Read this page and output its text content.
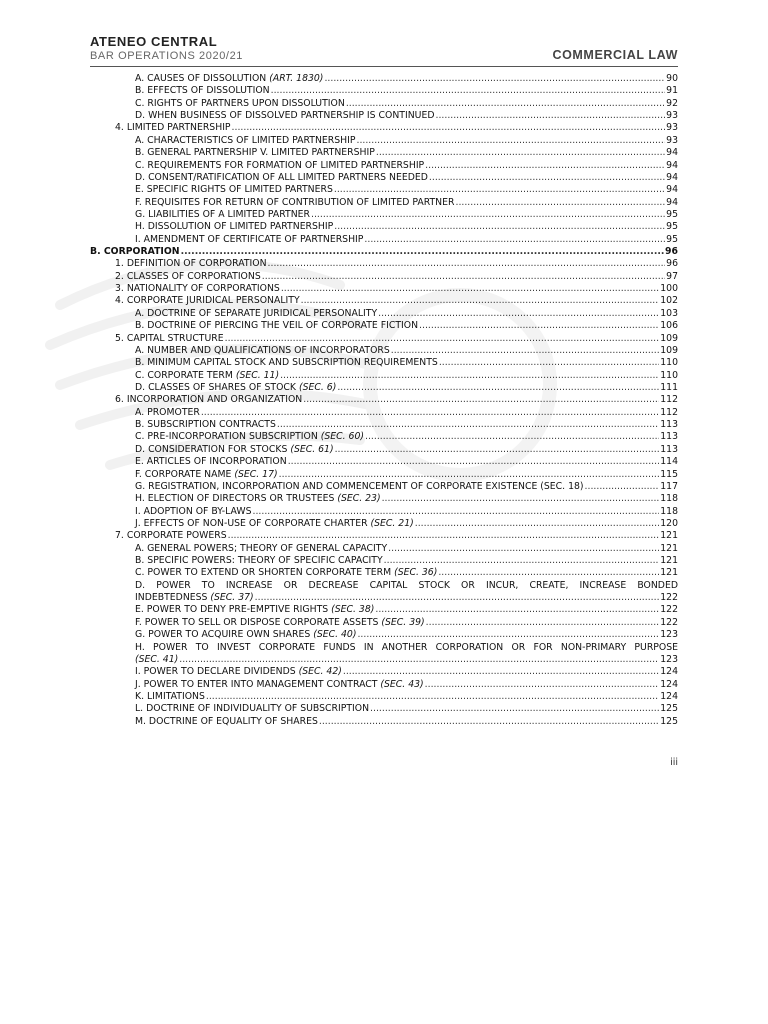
ATENEO CENTRAL
BAR OPERATIONS 2020/21	COMMERCIAL LAW
A. CAUSES OF DISSOLUTION (ART. 1830) .....	90
B. EFFECTS OF DISSOLUTION .....	91
C. RIGHTS OF PARTNERS UPON DISSOLUTION .....	92
D. WHEN BUSINESS OF DISSOLVED PARTNERSHIP IS CONTINUED .....	93
4. LIMITED PARTNERSHIP .....	93
A. CHARACTERISTICS OF LIMITED PARTNERSHIP .....	93
B. GENERAL PARTNERSHIP V. LIMITED PARTNERSHIP .....	94
C. REQUIREMENTS FOR FORMATION OF LIMITED PARTNERSHIP .....	94
D. CONSENT/RATIFICATION OF ALL LIMITED PARTNERS NEEDED .....	94
E. SPECIFIC RIGHTS OF LIMITED PARTNERS .....	94
F. REQUISITES FOR RETURN OF CONTRIBUTION OF LIMITED PARTNER .....	94
G. LIABILITIES OF A LIMITED PARTNER .....	95
H. DISSOLUTION OF LIMITED PARTNERSHIP .....	95
I. AMENDMENT OF CERTIFICATE OF PARTNERSHIP .....	95
B. CORPORATION .....	96
1. DEFINITION OF CORPORATION .....	96
2. CLASSES OF CORPORATIONS .....	97
3. NATIONALITY OF CORPORATIONS .....	100
4. CORPORATE JURIDICAL PERSONALITY .....	102
A. DOCTRINE OF SEPARATE JURIDICAL PERSONALITY .....	103
B. DOCTRINE OF PIERCING THE VEIL OF CORPORATE FICTION .....	106
5. CAPITAL STRUCTURE .....	109
A. NUMBER AND QUALIFICATIONS OF INCORPORATORS .....	109
B. MINIMUM CAPITAL STOCK AND SUBSCRIPTION REQUIREMENTS .....	110
C. CORPORATE TERM (SEC. 11) .....	110
D. CLASSES OF SHARES OF STOCK (SEC. 6) .....	111
6. INCORPORATION AND ORGANIZATION .....	112
A. PROMOTER .....	112
B. SUBSCRIPTION CONTRACTS .....	113
C. PRE-INCORPORATION SUBSCRIPTION (SEC. 60) .....	113
D. CONSIDERATION FOR STOCKS (SEC. 61) .....	113
E. ARTICLES OF INCORPORATION .....	114
F. CORPORATE NAME (SEC. 17) .....	115
G. REGISTRATION, INCORPORATION AND COMMENCEMENT OF CORPORATE EXISTENCE (SEC. 18) .....	117
H. ELECTION OF DIRECTORS OR TRUSTEES (SEC. 23) .....	118
I. ADOPTION OF BY-LAWS .....	118
J. EFFECTS OF NON-USE OF CORPORATE CHARTER (SEC. 21) .....	120
7. CORPORATE POWERS .....	121
A. GENERAL POWERS; THEORY OF GENERAL CAPACITY .....	121
B. SPECIFIC POWERS: THEORY OF SPECIFIC CAPACITY .....	121
C. POWER TO EXTEND OR SHORTEN CORPORATE TERM (SEC. 36) .....	121
D. POWER TO INCREASE OR DECREASE CAPITAL STOCK OR INCUR, CREATE, INCREASE BONDED
INDEBTEDNESS (SEC. 37) .....	122
E. POWER TO DENY PRE-EMPTIVE RIGHTS (SEC. 38) .....	122
F. POWER TO SELL OR DISPOSE CORPORATE ASSETS (SEC. 39) .....	122
G. POWER TO ACQUIRE OWN SHARES (SEC. 40) .....	123
H. POWER TO INVEST CORPORATE FUNDS IN ANOTHER CORPORATION OR FOR NON-PRIMARY PURPOSE
(SEC. 41) .....	123
I. POWER TO DECLARE DIVIDENDS (SEC. 42) .....	124
J. POWER TO ENTER INTO MANAGEMENT CONTRACT (SEC. 43) .....	124
K. LIMITATIONS .....	124
L. DOCTRINE OF INDIVIDUALITY OF SUBSCRIPTION .....	125
M. DOCTRINE OF EQUALITY OF SHARES .....	125
iii
